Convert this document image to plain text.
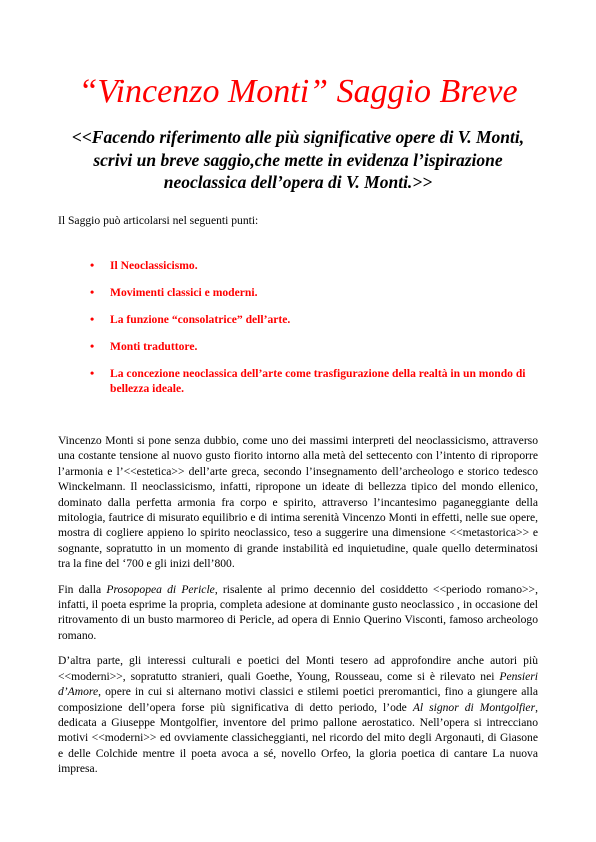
“Vincenzo Monti” Saggio Breve

<<Facendo riferimento alle più significative opere di V. Monti, scrivi un breve saggio,che mette in evidenza l’ispirazione neoclassica dell’opera di V. Monti.>>

Il Saggio può articolarsi nel seguenti punti:

• Il Neoclassicismo.
• Movimenti classici e moderni.
• La funzione “consolatrice” dell’arte.
• Monti traduttore.
• La concezione neoclassica dell’arte come trasfigurazione della realtà in un mondo di bellezza ideale.

Vincenzo Monti si pone senza dubbio, come uno dei massimi interpreti del neoclassicismo, attraverso una costante tensione al nuovo gusto fiorito intorno alla metà del settecento con l’intento di riproporre l’armonia e l’<<estetica>> dell’arte greca, secondo l’insegnamento dell’archeologo e storico tedesco Winckelmann. Il neoclassicismo, infatti, ripropone un ideate di bellezza tipico del mondo ellenico, dominato dalla perfetta armonia fra corpo e spirito, attraverso l’incantesimo paganeggiante della mitologia, fautrice di misurato equilibrio e di intima serenità Vincenzo Monti in effetti, nelle sue opere, mostra di cogliere appieno lo spirito neoclassico, teso a suggerire una dimensione <<metastorica>> e sognante, sopratutto in un momento di grande instabilità ed inquietudine, quale quello determinatosi tra la fine del ‘700 e gli inizi dell’800.

Fin dalla Prosopopea di Pericle, risalente al primo decennio del cosiddetto <<periodo romano>>, infatti, il poeta esprime la propria, completa adesione at dominante gusto neoclassico , in occasione del ritrovamento di un busto marmoreo di Pericle, ad opera di Ennio Querino Visconti, famoso archeologo romano.

D’altra parte, gli interessi culturali e poetici del Monti tesero ad approfondire anche autori più <<moderni>>, sopratutto stranieri, quali Goethe, Young, Rousseau, come si è rilevato nei Pensieri d’Amore, opere in cui si alternano motivi classici e stilemi poetici preromantici, fino a giungere alla composizione dell’opera forse più significativa di detto periodo, l’ode Al signor di Montgolfier, dedicata a Giuseppe Montgolfier, inventore del primo pallone aerostatico. Nell’opera si intrecciano motivi <<moderni>> ed ovviamente classicheggianti, nel ricordo del mito degli Argonauti, di Giasone e delle Colchide mentre il poeta avoca a sé, novello Orfeo, la gloria poetica di cantare La nuova impresa.
